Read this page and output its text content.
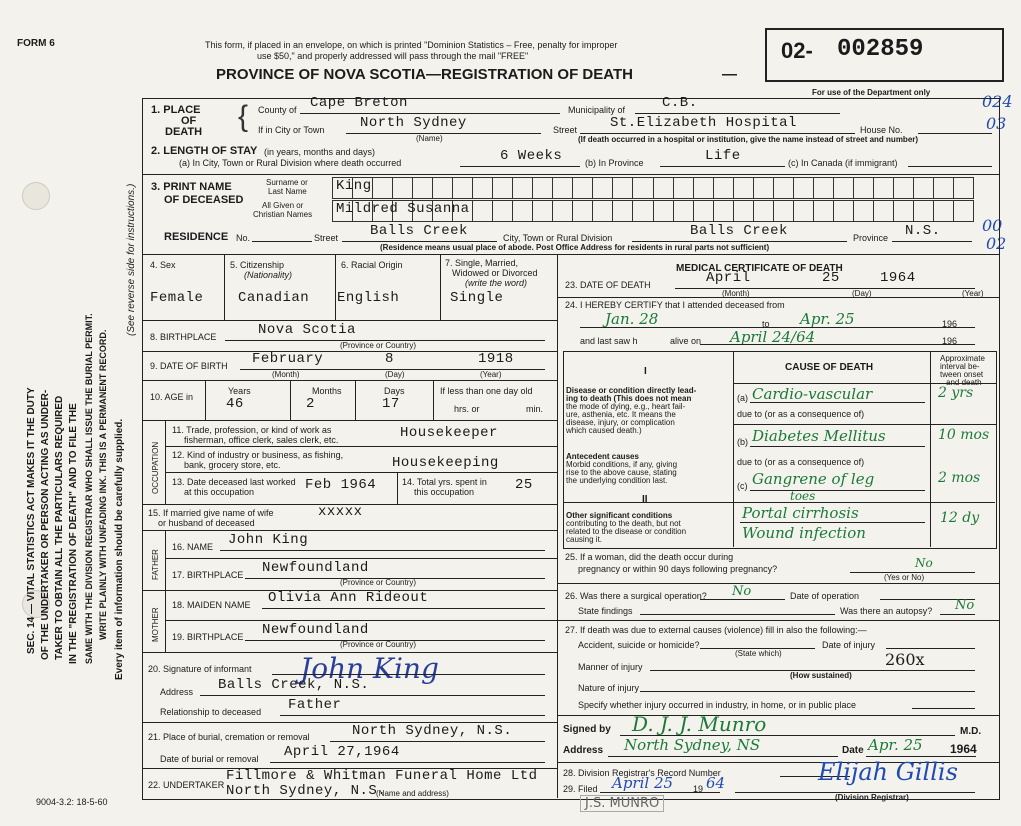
FORM 6	This form, if placed in an envelope, on which is printed "Dominion Statistics – Free, penalty for improper
use $50," and properly addressed will pass through the mail "FREE"
PROVINCE OF NOVA SCOTIA—REGISTRATION OF DEATH	—
02- 002859
For use of the Department only	024
03
00
02
SEC. 14 — VITAL STATISTICS ACT MAKES IT THE DUTY OF THE UNDERTAKER OR PERSON ACTING AS UNDER- TAKER TO OBTAIN ALL THE PARTICULARS REQUIRED IN THE "REGISTRATION OF DEATH" AND TO FILE THE SAME WITH THE DIVISION REGISTRAR WHO SHALL ISSUE THE BURIAL PERMIT. WRITE PLAINLY WITH UNFADING INK. THIS IS A PERMANENT RECORD. Every item of information should be carefully supplied.
(See reverse side for instructions.)
1. PLACE
OF
DEATH { County of Cape Breton	Municipality of	C.B.
If in City or Town	North Sydney
(Name)
Street St.Elizabeth Hospital	House No.
(If death occurred in a hospital or institution, give the name instead of street and number)
2. LENGTH OF STAY (in years, months and days)
(a) In City, Town or Rural Division where death occurred	6 Weeks	(b) In Province	Life	(c) In Canada (if immigrant)
3. PRINT NAME
OF DECEASED
Surname or
Last Name King
All Given or
Christian Names Mildred Susanna
RESIDENCE No.	Street Balls Creek	City, Town or Rural Division	Balls Creek	Province N.S.
(Residence means usual place of abode. Post Office Address for residents in rural parts not sufficient)
4. Sex
Female
5. Citizenship
(Nationality)
Canadian
6. Racial Origin
English
7. Single, Married,
Widowed or Divorced
(write the word)
Single
8. BIRTHPLACE	Nova Scotia
(Province or Country)
9. DATE OF BIRTH February	8	1918
(Month)	(Day)	(Year)
10. AGE in
Years	Months	Days
46	2	17
If less than one day old
hrs. or	min.
OCCUPATION
11. Trade, profession, or kind of work as
fisherman, office clerk, sales clerk, etc.	Housekeeper
12. Kind of industry or business, as fishing,
bank, grocery store, etc.	Housekeeping
13. Date deceased last worked
at this occupation	Feb 1964	14. Total yrs. spent in
this occupation	25
15. If married give name of wife
or husband of deceased
xxxxx
FATHER
16. NAME John King
17. BIRTHPLACE Newfoundland
(Province or Country)
MOTHER
18. MAIDEN NAME Olivia Ann Rideout
19. BIRTHPLACE Newfoundland
(Province or Country)
20. Signature of informant John King
Address Balls Creek, N.S.
Relationship to deceased Father
21. Place of burial, cremation or removal	North Sydney, N.S.
Date of burial or removal April 27,1964
22. UNDERTAKER
Fillmore & Whitman Funeral Home Ltd
North Sydney, N.S.
(Name and address)
MEDICAL CERTIFICATE OF DEATH
23. DATE OF DEATH	April	25	1964
(Month)	(Day)	(Year)
24. I HEREBY CERTIFY that I attended deceased from
Jan. 28	to Apr. 25	196
and last saw h	alive on April 24/64	196
CAUSE OF DEATH
Approximate
interval be-
tween onset
and death
I
Disease or condition directly lead-
ing to death (This does not mean
the mode of dying, e.g., heart fail-
ure, asthenia, etc. It means the
disease, injury, or complication
which caused death.)
(a) Cardio-vascular	2 yrs
due to (or as a consequence of)
Diabetes Mellitus	10 mos
(b)
due to (or as a consequence of)
Antecedent causes
Morbid conditions, if any, giving
rise to the above cause, stating
the underlying condition last.
(c) Gangrene of leg	2 mos
toes
II
Other significant conditions
contributing to the death, but not
related to the disease or condition
causing it.
Portal cirrhosis
Wound infection
12 dy
25. If a woman, did the death occur during
pregnancy or within 90 days following pregnancy?	No
(Yes or No)
26. Was there a surgical operation? No	Date of operation
State findings	Was there an autopsy? No
27. If death was due to external causes (violence) fill in also the following:—
Accident, suicide or homicide?
(State which)
Date of injury
Manner of injury	260x
(How sustained)
Nature of injury
Specify whether injury occurred in industry, in home, or in public place
Signed by D. J. J. Munro	M.D.
Address North Sydney, NS	Date Apr. 25 1964
28. Division Registrar's Record Number
29. Filed April 25 19 64	Elijah Gillis
(Division Registrar)
J.S. MUNRO
9004-3.2: 18-5-60
